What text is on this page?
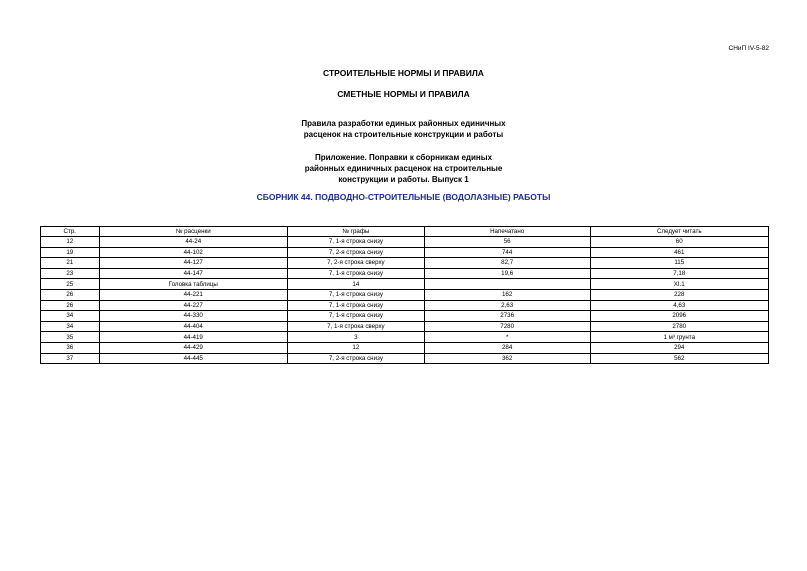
СНиП IV-5-82
СТРОИТЕЛЬНЫЕ НОРМЫ И ПРАВИЛА
СМЕТНЫЕ НОРМЫ И ПРАВИЛА
Правила разработки единых районных единичных
расценок на строительные конструкции и работы
Приложение. Поправки к сборникам единых
районных единичных расценок на строительные
конструкции и работы. Выпуск 1
СБОРНИК 44. ПОДВОДНО-СТРОИТЕЛЬНЫЕ (ВОДОЛАЗНЫЕ) РАБОТЫ
Стр.	№ расценки	№ графы	Напечатано	Следует читать
12	44-24	7, 1-я строка снизу	56	60
19	44-102	7, 2-я строка снизу	744	461
21	44-127	7, 2-я строка сверху	82,7	115
23	44-147	7, 1-я строка снизу	19,6	7,18
25	Головка таблицы	14		XI.1
26	44-221	7, 1-я строка снизу	162	228
26	44-227	7, 1-я строка снизу	2,63	4,63
34	44-330	7, 1-я строка снизу	2736	2096
34	44-404	7, 1-я строка сверху	7280	2780
35	44-419	3	*	1 м³ грунта
36	44-429	12	284	294
37	44-445	7, 2-я строка снизу	362	562
